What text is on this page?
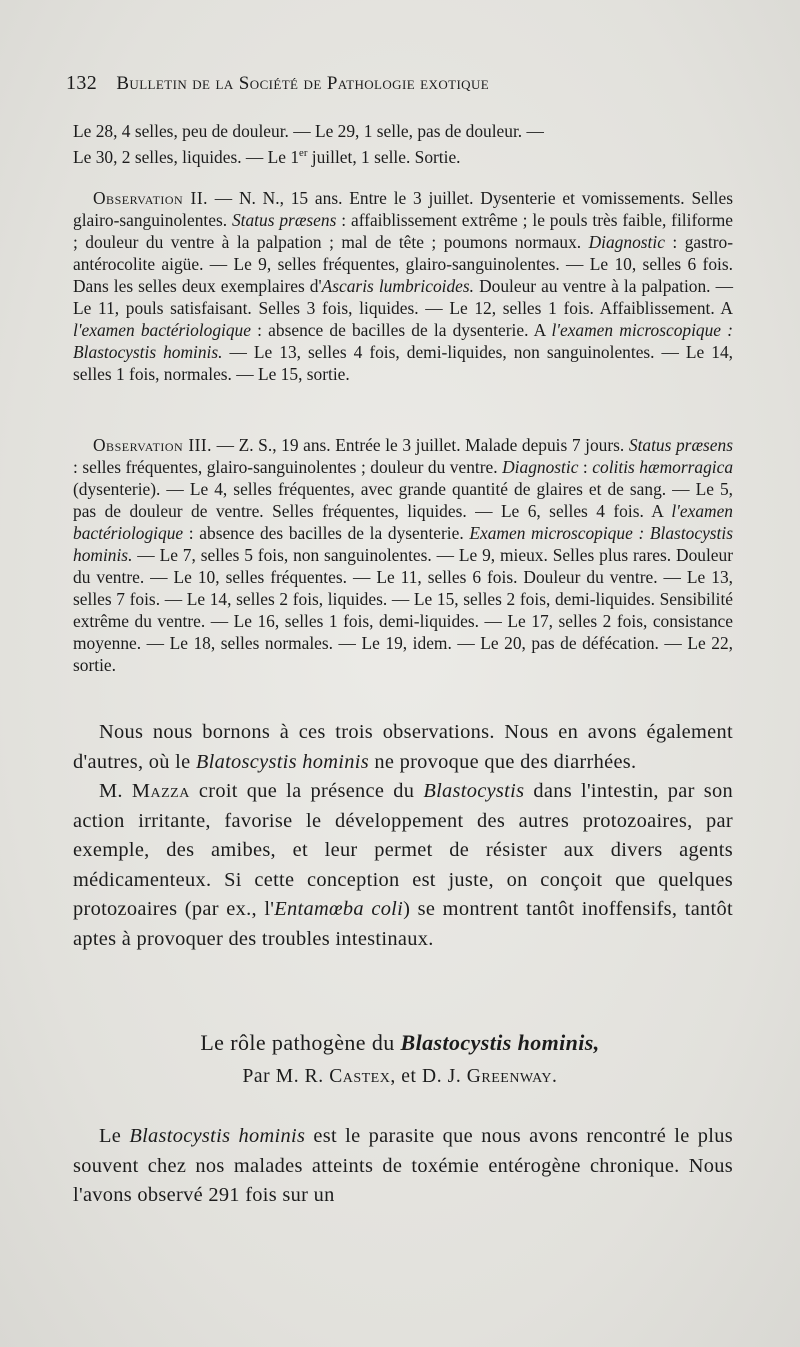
132 Bulletin de la Société de Pathologie exotique

Le 28, 4 selles, peu de douleur. — Le 29, 1 selle, pas de douleur. —

Le 30, 2 selles, liquides. — Le 1er juillet, 1 selle. Sortie.

Observation II. — N. N., 15 ans. Entre le 3 juillet. Dysenterie et vomissements. Selles glairo-sanguinolentes. Status præsens : affaiblissement extrême ; le pouls très faible, filiforme ; douleur du ventre à la palpation ; mal de tête ; poumons normaux. Diagnostic : gastro-antérocolite aigüe. — Le 9, selles fréquentes, glairo-sanguinolentes. — Le 10, selles 6 fois. Dans les selles deux exemplaires d'Ascaris lumbricoides. Douleur au ventre à la palpation. — Le 11, pouls satisfaisant. Selles 3 fois, liquides. — Le 12, selles 1 fois. Affaiblissement. A l'examen bactériologique : absence de bacilles de la dysenterie. A l'examen microscopique : Blastocystis hominis. — Le 13, selles 4 fois, demi-liquides, non sanguinolentes. — Le 14, selles 1 fois, normales. — Le 15, sortie.

Observation III. — Z. S., 19 ans. Entrée le 3 juillet. Malade depuis 7 jours. Status præsens : selles fréquentes, glairo-sanguinolentes ; douleur du ventre. Diagnostic : colitis hæmorragica (dysenterie). — Le 4, selles fréquentes, avec grande quantité de glaires et de sang. — Le 5, pas de douleur de ventre. Selles fréquentes, liquides. — Le 6, selles 4 fois. A l'examen bactériologique : absence des bacilles de la dysenterie. Examen microscopique : Blastocystis hominis. — Le 7, selles 5 fois, non sanguinolentes. — Le 9, mieux. Selles plus rares. Douleur du ventre. — Le 10, selles fréquentes. — Le 11, selles 6 fois. Douleur du ventre. — Le 13, selles 7 fois. — Le 14, selles 2 fois, liquides. — Le 15, selles 2 fois, demi-liquides. Sensibilité extrême du ventre. — Le 16, selles 1 fois, demi-liquides. — Le 17, selles 2 fois, consistance moyenne. — Le 18, selles normales. — Le 19, idem. — Le 20, pas de défécation. — Le 22, sortie.

Nous nous bornons à ces trois observations. Nous en avons également d'autres, où le Blatoscystis hominis ne provoque que des diarrhées.

M. Mazza croit que la présence du Blastocystis dans l'intestin, par son action irritante, favorise le développement des autres protozoaires, par exemple, des amibes, et leur permet de résister aux divers agents médicamenteux. Si cette conception est juste, on conçoit que quelques protozoaires (par ex., l'Entamœba coli) se montrent tantôt inoffensifs, tantôt aptes à provoquer des troubles intestinaux.

Le rôle pathogène du Blastocystis hominis,
Par M. R. Castex, et D. J. Greenway.

Le Blastocystis hominis est le parasite que nous avons rencontré le plus souvent chez nos malades atteints de toxémie entérogène chronique. Nous l'avons observé 291 fois sur un
